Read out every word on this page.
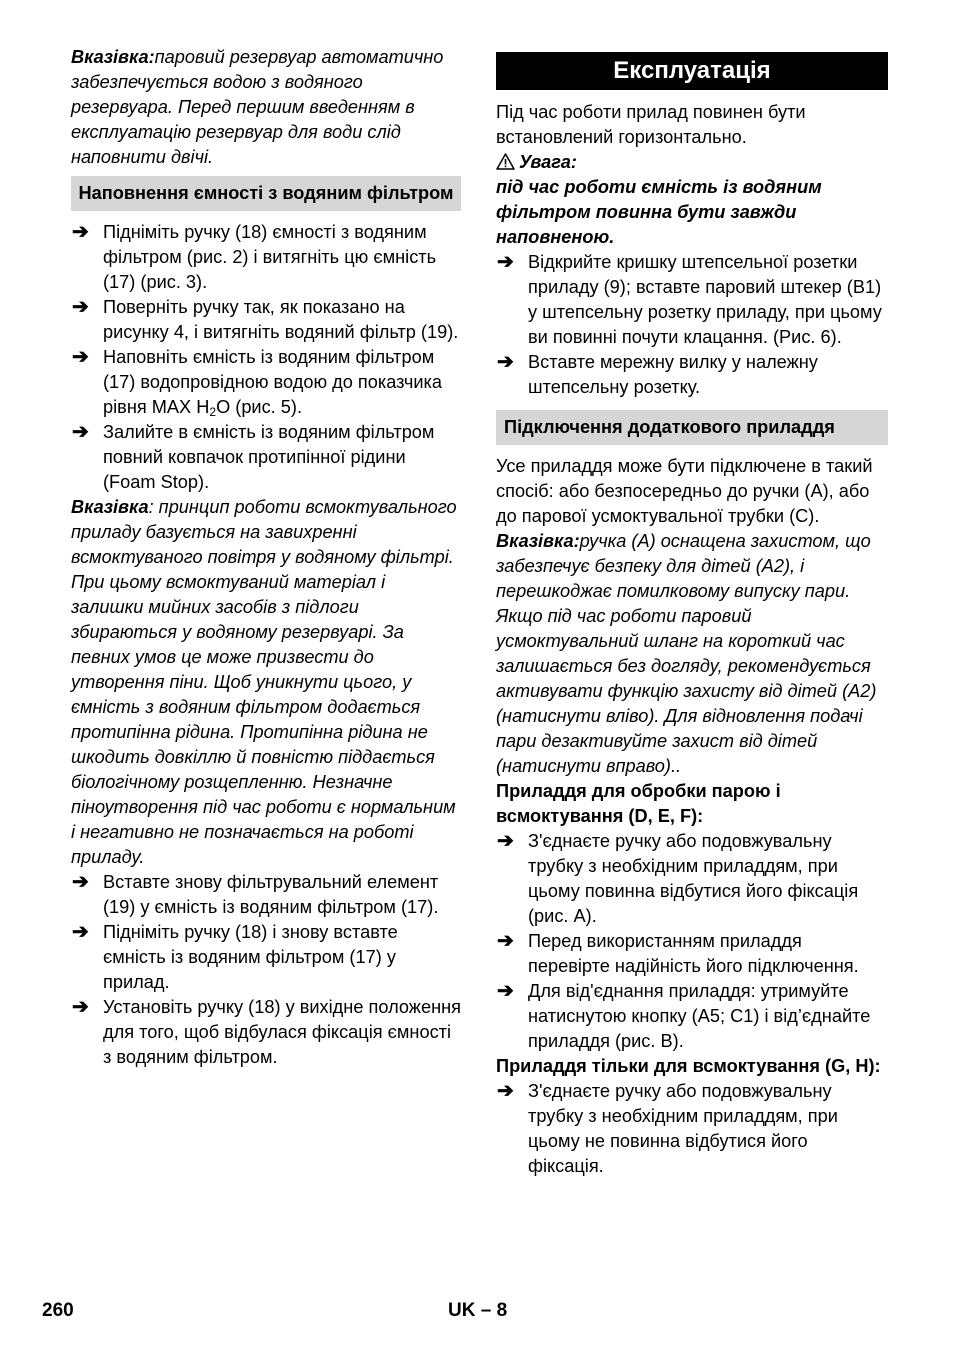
Вказівка:паровий резервуар автоматично забезпечується водою з водяного резервуара. Перед першим введенням в експлуатацію резервуар для води слід наповнити двічі.

Наповнення ємності з водяним фільтром
➔ Підніміть ручку (18) ємності з водяним фільтром (рис. 2) і витягніть цю ємність (17) (рис. 3).
➔ Поверніть ручку так, як показано на рисунку 4, і витягніть водяний фільтр (19).
➔ Наповніть ємність із водяним фільтром (17) водопровідною водою до показчика рівня MAX $H_2O$ (рис. 5).
➔ Залийте в ємність із водяним фільтром повний ковпачок протипінної рідини (Foam Stop).

Вказівка: принцип роботи всмоктувального приладу базується на завихренні всмоктуваного повітря у водяному фільтрі. При цьому всмоктуваний матеріал і залишки мийних засобів з підлоги збираються у водяному резервуарі. За певних умов це може призвести до утворення піни. Щоб уникнути цього, у ємність з водяним фільтром додається протипінна рідина. Протипінна рідина не шкодить довкіллю й повністю піддається біологічному розщепленню. Незначне піноутворення під час роботи є нормальним і негативно не позначається на роботі приладу.

➔ Вставте знову фільтрувальний елемент (19) у ємність із водяним фільтром (17).
➔ Підніміть ручку (18) і знову вставте ємність із водяним фільтром (17) у прилад.
➔ Установіть ручку (18) у вихідне положення для того, щоб відбулася фіксація ємності з водяним фільтром.
Експлуатація

Під час роботи прилад повинен бути встановлений горизонтально.

Увага:

під час роботи ємність із водяним фільтром повинна бути завжди наповненою.

➔ Відкрийте кришку штепсельної розетки приладу (9); вставте паровий штекер (В1) у штепсельну розетку приладу, при цьому ви повинні почути клацання. (Рис. 6).
➔ Вставте мережну вилку у належну штепсельну розетку.
Підключення додаткового приладдя

Усе приладдя може бути підключене в такий спосіб: або безпосередньо до ручки (А), або до парової усмоктувальної трубки (С).

Вказівка:ручка (А) оснащена захистом, що забезпечує безпеку для дітей (А2), і перешкоджає помилковому випуску пари. Якщо під час роботи паровий усмоктувальний шланг на короткий час залишається без догляду, рекомендується активувати функцію захисту від дітей (А2) (натиснути вліво). Для відновлення подачі пари дезактивуйте захист від дітей (натиснути вправо)..

Приладдя для обробки парою і всмоктування (D, E, F):

➔ З'єднаєте ручку або подовжувальну трубку з необхідним приладдям, при цьому повинна відбутися його фіксація (рис. А).
➔ Перед використанням приладдя перевірте надійність його підключення.
➔ Для від'єднання приладдя: утримуйте натиснутою кнопку (A5; C1) і від’єднайте приладдя (рис. B).

Приладдя тільки для всмоктування (G, H):

➔ З'єднаєте ручку або подовжувальну трубку з необхідним приладдям, при цьому не повинна відбутися його фіксація.
260	UK – 8
